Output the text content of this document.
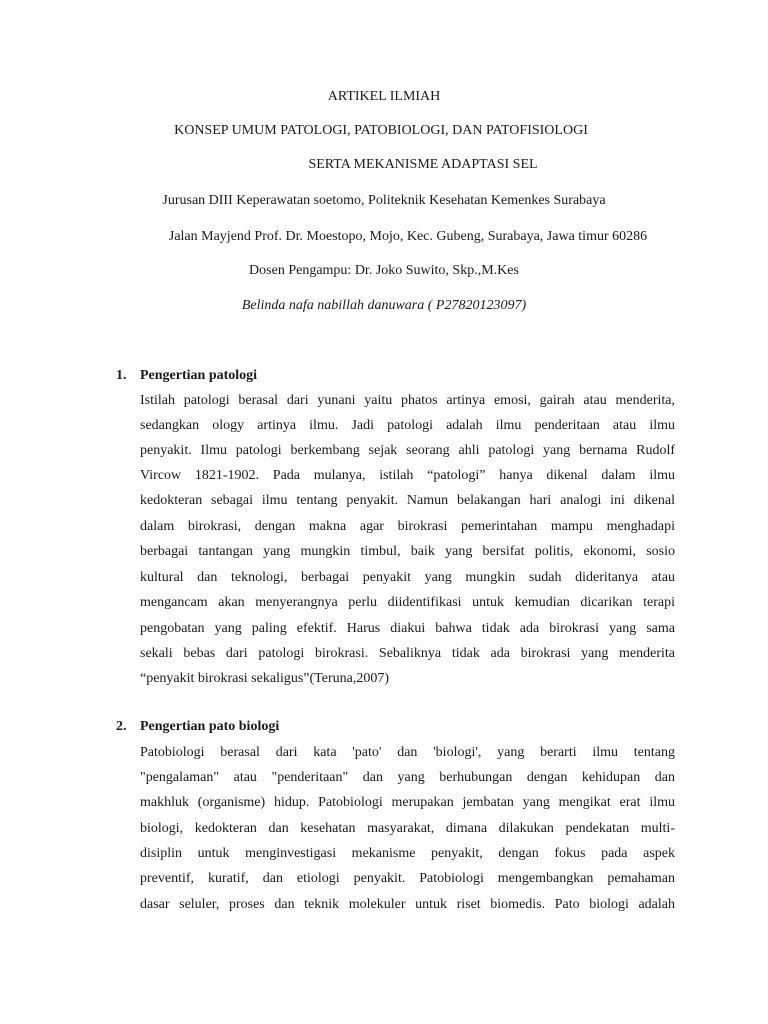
ARTIKEL ILMIAH
KONSEP UMUM PATOLOGI, PATOBIOLOGI, DAN PATOFISIOLOGI
SERTA MEKANISME ADAPTASI SEL
Jurusan DIII Keperawatan soetomo, Politeknik Kesehatan Kemenkes Surabaya
Jalan Mayjend Prof. Dr. Moestopo, Mojo, Kec. Gubeng, Surabaya, Jawa timur 60286
Dosen Pengampu: Dr. Joko Suwito, Skp.,M.Kes
Belinda nafa nabillah danuwara ( P27820123097)
1. Pengertian patologi
Istilah patologi berasal dari yunani yaitu phatos artinya emosi, gairah atau menderita,
sedangkan ology artinya ilmu. Jadi patologi adalah ilmu penderitaan atau ilmu
penyakit. Ilmu patologi berkembang sejak seorang ahli patologi yang bernama Rudolf
Vircow 1821-1902. Pada mulanya, istilah “patologi” hanya dikenal dalam ilmu
kedokteran sebagai ilmu tentang penyakit. Namun belakangan hari analogi ini dikenal
dalam birokrasi, dengan makna agar birokrasi pemerintahan mampu menghadapi
berbagai tantangan yang mungkin timbul, baik yang bersifat politis, ekonomi, sosio
kultural dan teknologi, berbagai penyakit yang mungkin sudah dideritanya atau
mengancam akan menyerangnya perlu diidentifikasi untuk kemudian dicarikan terapi
pengobatan yang paling efektif. Harus diakui bahwa tidak ada birokrasi yang sama
sekali bebas dari patologi birokrasi. Sebaliknya tidak ada birokrasi yang menderita
“penyakit birokrasi sekaligus”(Teruna,2007)
2. Pengertian pato biologi
Patobiologi berasal dari kata 'pato' dan 'biologi', yang berarti ilmu tentang
"pengalaman" atau "penderitaan" dan yang berhubungan dengan kehidupan dan
makhluk (organisme) hidup. Patobiologi merupakan jembatan yang mengikat erat ilmu
biologi, kedokteran dan kesehatan masyarakat, dimana dilakukan pendekatan multi-
disiplin untuk menginvestigasi mekanisme penyakit, dengan fokus pada aspek
preventif, kuratif, dan etiologi penyakit. Patobiologi mengembangkan pemahaman
dasar seluler, proses dan teknik molekuler untuk riset biomedis. Pato biologi adalah
